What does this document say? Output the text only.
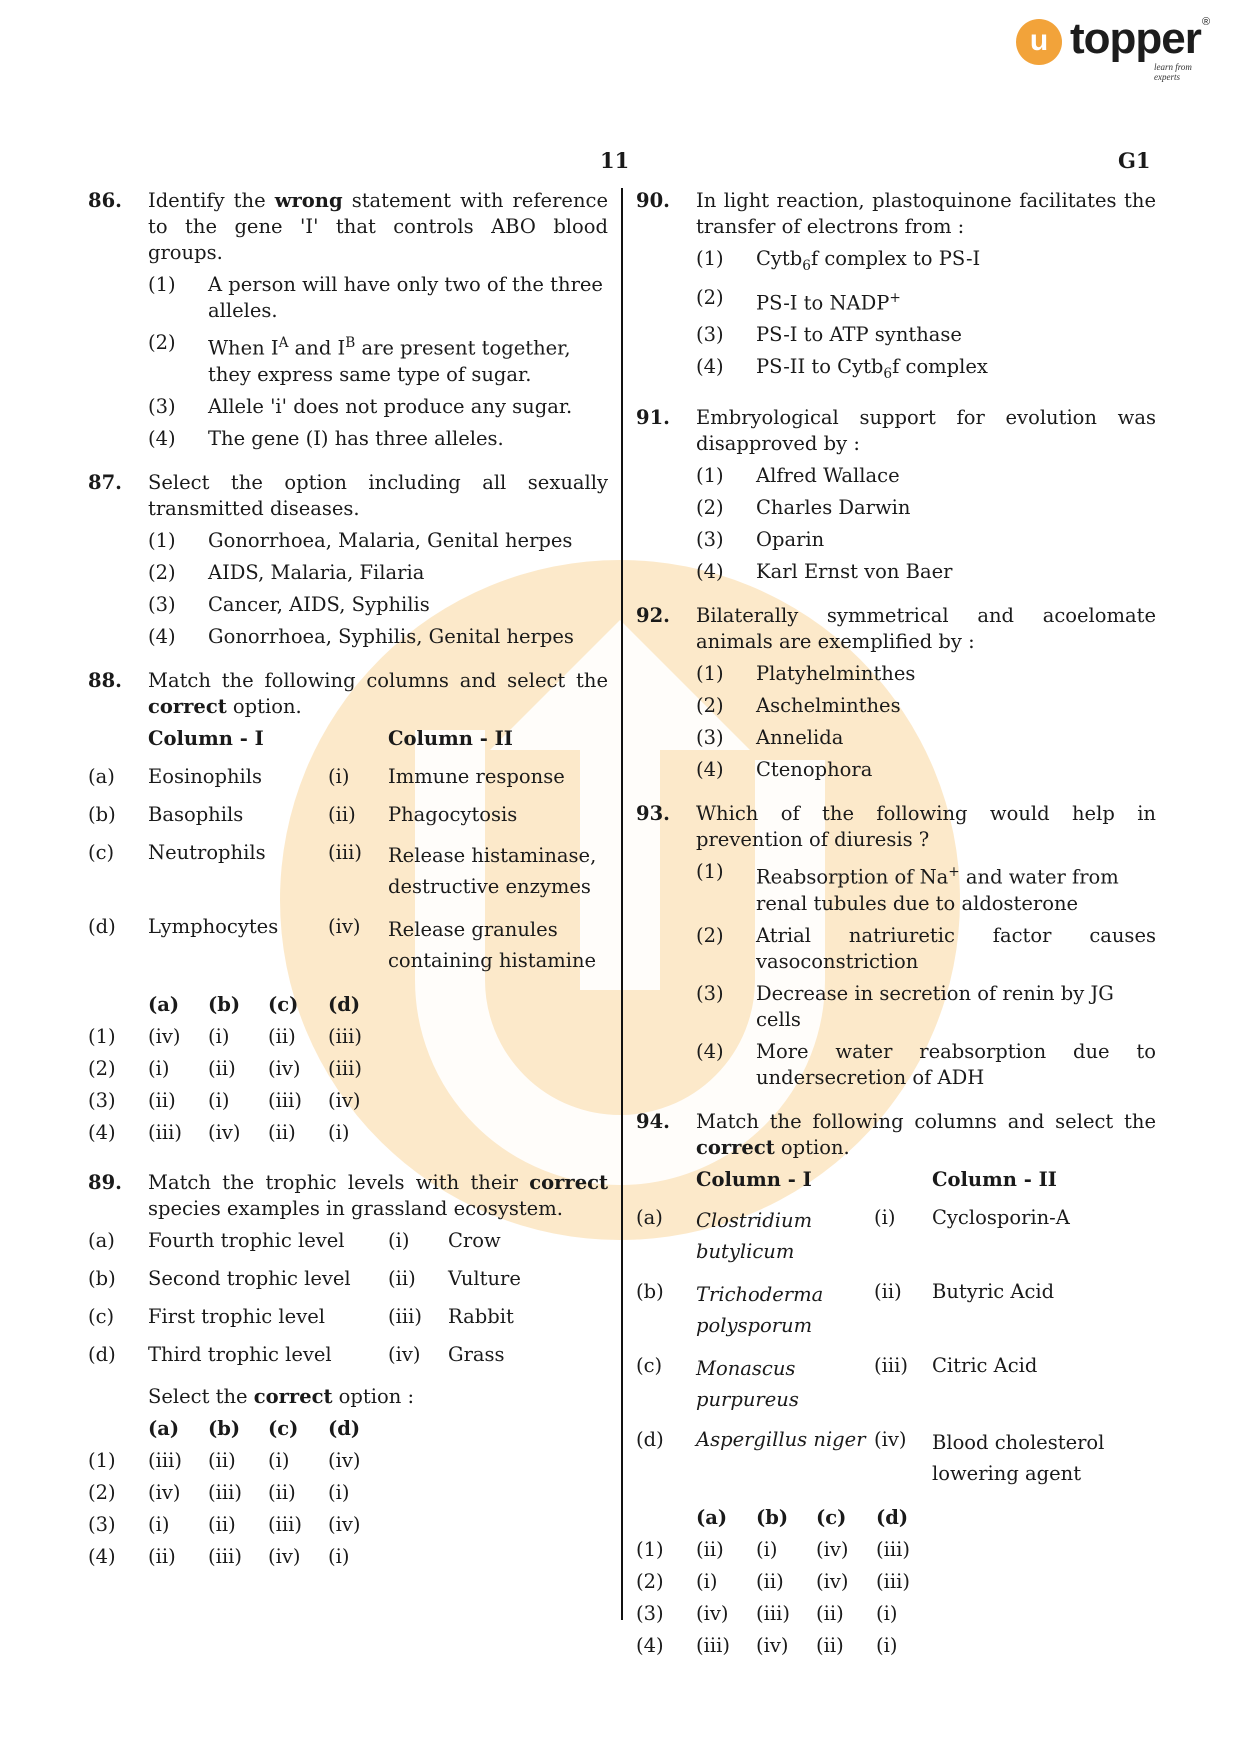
u topper ®
learn from experts
11	G1
86. Identify the wrong statement with reference to the gene 'I' that controls ABO blood groups.
(1) A person will have only two of the three alleles.
(2) When $I^A$ and $I^B$ are present together, they express same type of sugar.
(3) Allele 'i' does not produce any sugar.
(4) The gene (I) has three alleles.
87. Select the option including all sexually transmitted diseases.
(1) Gonorrhoea, Malaria, Genital herpes
(2) AIDS, Malaria, Filaria
(3) Cancer, AIDS, Syphilis
(4) Gonorrhoea, Syphilis, Genital herpes
88. Match the following columns and select the correct option.
	Column - I		Column - II
(a)	Eosinophils	(i)	Immune response
(b)	Basophils	(ii)	Phagocytosis
(c)	Neutrophils	(iii)	Release histaminase, destructive enzymes
(d)	Lymphocytes	(iv)	Release granules containing histamine
	(a)	(b)	(c)	(d)
(1)	(iv)	(i)	(ii)	(iii)
(2)	(i)	(ii)	(iv)	(iii)
(3)	(ii)	(i)	(iii)	(iv)
(4)	(iii)	(iv)	(ii)	(i)
89. Match the trophic levels with their correct species examples in grassland ecosystem.
(a)	Fourth trophic level	(i)	Crow
(b)	Second trophic level	(ii)	Vulture
(c)	First trophic level	(iii)	Rabbit
(d)	Third trophic level	(iv)	Grass
Select the correct option :
	(a)	(b)	(c)	(d)
(1)	(iii)	(ii)	(i)	(iv)
(2)	(iv)	(iii)	(ii)	(i)
(3)	(i)	(ii)	(iii)	(iv)
(4)	(ii)	(iii)	(iv)	(i)
90. In light reaction, plastoquinone facilitates the transfer of electrons from :
(1) Cytb$_6$f complex to PS-I
(2) PS-I to NADP+
(3) PS-I to ATP synthase
(4) PS-II to Cytb$_6$f complex
91. Embryological support for evolution was disapproved by :
(1) Alfred Wallace
(2) Charles Darwin
(3) Oparin
(4) Karl Ernst von Baer
92. Bilaterally symmetrical and acoelomate animals are exemplified by :
(1) Platyhelminthes
(2) Aschelminthes
(3) Annelida
(4) Ctenophora
93. Which of the following would help in prevention of diuresis ?
(1) Reabsorption of Na+ and water from renal tubules due to aldosterone
(2) Atrial natriuretic factor causes vasoconstriction
(3) Decrease in secretion of renin by JG cells
(4) More water reabsorption due to undersecretion of ADH
94. Match the following columns and select the correct option.
	Column - I		Column - II
(a)	Clostridium butylicum	(i)	Cyclosporin-A
(b)	Trichoderma polysporum	(ii)	Butyric Acid
(c)	Monascus purpureus	(iii)	Citric Acid
(d)	Aspergillus niger	(iv)	Blood cholesterol lowering agent
	(a)	(b)	(c)	(d)
(1)	(ii)	(i)	(iv)	(iii)
(2)	(i)	(ii)	(iv)	(iii)
(3)	(iv)	(iii)	(ii)	(i)
(4)	(iii)	(iv)	(ii)	(i)
